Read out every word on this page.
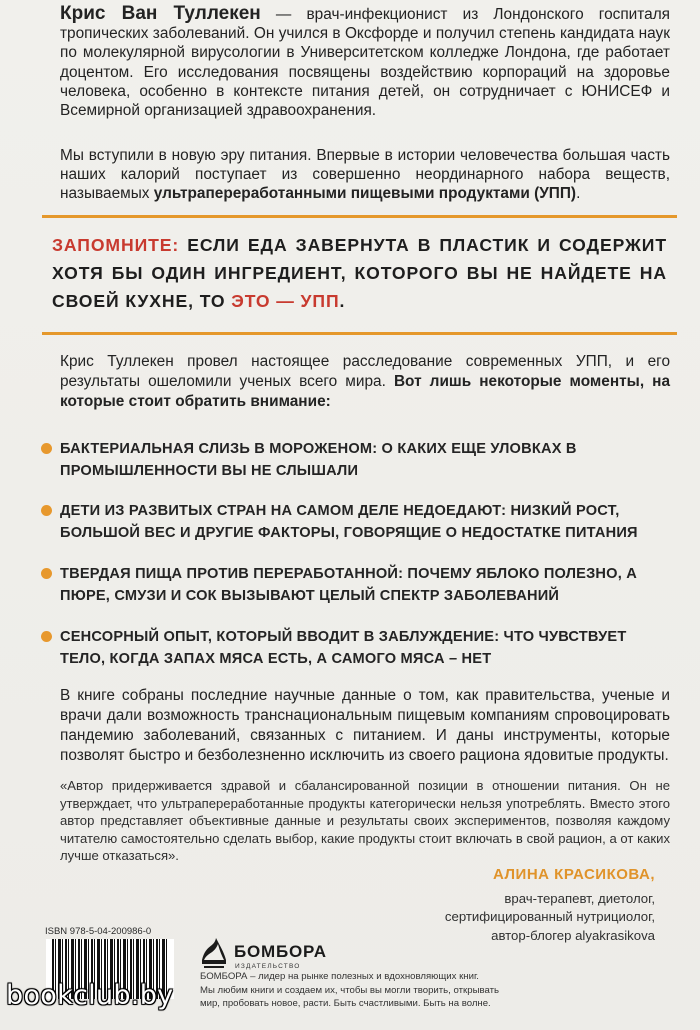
Крис Ван Туллекен — врач-инфекционист из Лондонского госпиталя тропических заболеваний. Он учился в Оксфорде и получил степень кандидата наук по молекулярной вирусологии в Университетском колледже Лондона, где работает доцентом. Его исследования посвящены воздействию корпораций на здоровье человека, особенно в контексте питания детей, он сотрудничает с ЮНИСЕФ и Всемирной организацией здравоохранения.

Мы вступили в новую эру питания. Впервые в истории человечества большая часть наших калорий поступает из совершенно неординарного набора веществ, называемых ультрапереработанными пищевыми продуктами (УПП).

ЗАПОМНИТЕ: ЕСЛИ ЕДА ЗАВЕРНУТА В ПЛАСТИК И СОДЕРЖИТ ХОТЯ БЫ ОДИН ИНГРЕДИЕНТ, КОТОРОГО ВЫ НЕ НАЙДЕТЕ НА СВОЕЙ КУХНЕ, ТО ЭТО — УПП.

Крис Туллекен провел настоящее расследование современных УПП, и его результаты ошеломили ученых всего мира. Вот лишь некоторые моменты, на которые стоит обратить внимание:

БАКТЕРИАЛЬНАЯ СЛИЗЬ В МОРОЖЕНОМ: О КАКИХ ЕЩЕ УЛОВКАХ В ПРОМЫШЛЕННОСТИ ВЫ НЕ СЛЫШАЛИ
ДЕТИ ИЗ РАЗВИТЫХ СТРАН НА САМОМ ДЕЛЕ НЕДОЕДАЮТ: НИЗКИЙ РОСТ, БОЛЬШОЙ ВЕС И ДРУГИЕ ФАКТОРЫ, ГОВОРЯЩИЕ О НЕДОСТАТКЕ ПИТАНИЯ
ТВЕРДАЯ ПИЩА ПРОТИВ ПЕРЕРАБОТАННОЙ: ПОЧЕМУ ЯБЛОКО ПОЛЕЗНО, А ПЮРЕ, СМУЗИ И СОК ВЫЗЫВАЮТ ЦЕЛЫЙ СПЕКТР ЗАБОЛЕВАНИЙ
СЕНСОРНЫЙ ОПЫТ, КОТОРЫЙ ВВОДИТ В ЗАБЛУЖДЕНИЕ: ЧТО ЧУВСТВУЕТ ТЕЛО, КОГДА ЗАПАХ МЯСА ЕСТЬ, А САМОГО МЯСА – НЕТ

В книге собраны последние научные данные о том, как правительства, ученые и врачи дали возможность транснациональным пищевым компаниям спровоцировать пандемию заболеваний, связанных с питанием. И даны инструменты, которые позволят быстро и безболезненно исключить из своего рациона ядовитые продукты.

«Автор придерживается здравой и сбалансированной позиции в отношении питания. Он не утверждает, что ультрапереработанные продукты категорически нельзя употреблять. Вместо этого автор представляет объективные данные и результаты своих экспериментов, позволяя каждому читателю самостоятельно сделать выбор, какие продукты стоит включать в свой рацион, а от каких лучше отказаться».

АЛИНА КРАСИКОВА,
врач-терапевт, диетолог,
сертифицированный нутрициолог,
автор-блогер alyakrasikova
ISBN 978-5-04-200986-0
БОМБОРА
ИЗДАТЕЛЬСТВО
БОМБОРА – лидер на рынке полезных и вдохновляющих книг.
Мы любим книги и создаем их, чтобы вы могли творить, открывать
мир, пробовать новое, расти. Быть счастливыми. Быть на волне.
bookclub.by
